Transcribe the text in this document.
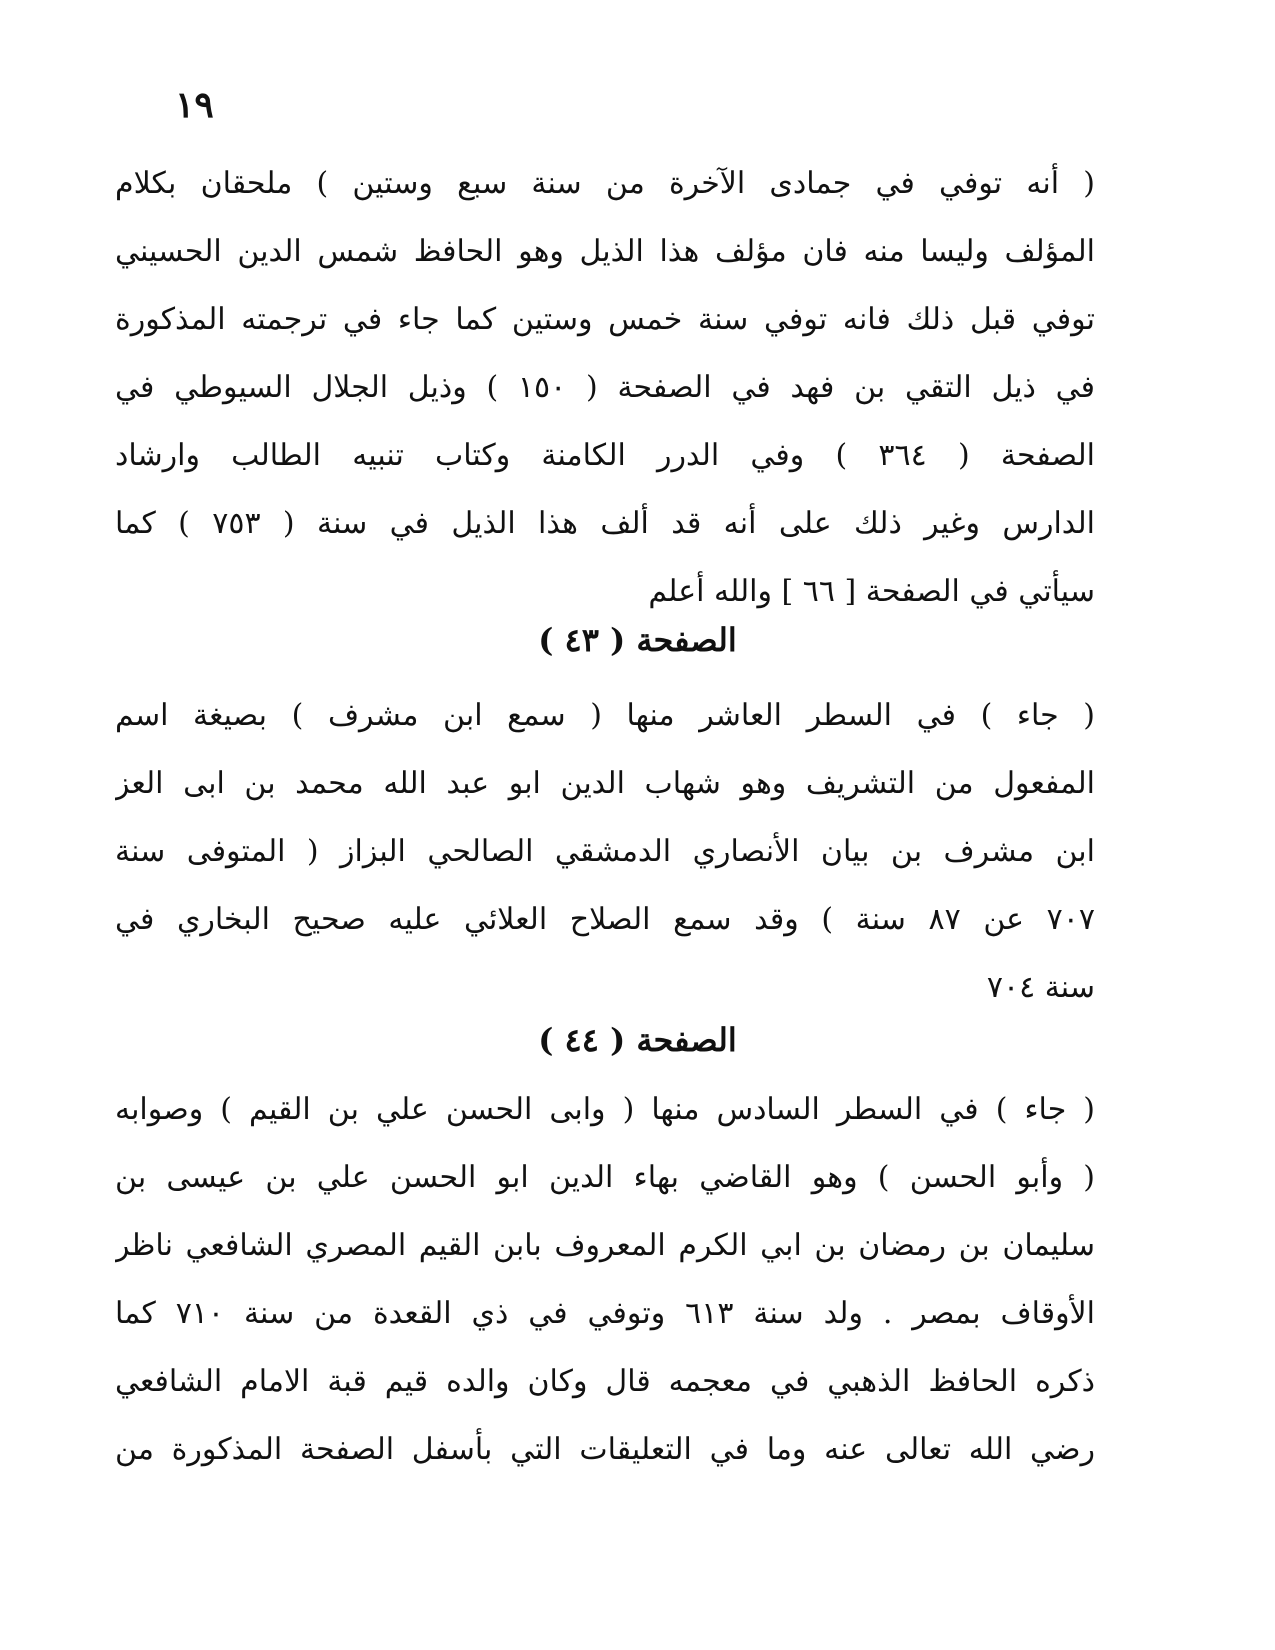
١٩
( أنه توفي في جمادى الآخرة من سنة سبع وستين ) ملحقان بكلام
المؤلف وليسا منه فان مؤلف هذا الذيل وهو الحافظ شمس الدين الحسيني
توفي قبل ذلك فانه توفي سنة خمس وستين كما جاء في ترجمته المذكورة
في ذيل التقي بن فهد في الصفحة ( ١٥٠ ) وذيل الجلال السيوطي في
الصفحة ( ٣٦٤ ) وفي الدرر الكامنة وكتاب تنبيه الطالب وارشاد
الدارس وغير ذلك على أنه قد ألف هذا الذيل في سنة ( ٧٥٣ ) كما
سيأتي في الصفحة [ ٦٦ ] والله أعلم
الصفحة ( ٤٣ )
( جاء ) في السطر العاشر منها ( سمع ابن مشرف ) بصيغة اسم
المفعول من التشريف وهو شهاب الدين ابو عبد الله محمد بن ابى العز
ابن مشرف بن بيان الأنصاري الدمشقي الصالحي البزاز ( المتوفى سنة
٧٠٧ عن ٨٧ سنة ) وقد سمع الصلاح العلائي عليه صحيح البخاري في
سنة ٧٠٤
الصفحة ( ٤٤ )
( جاء ) في السطر السادس منها ( وابى الحسن علي بن القيم ) وصوابه
( وأبو الحسن ) وهو القاضي بهاء الدين ابو الحسن علي بن عيسى بن
سليمان بن رمضان بن ابي الكرم المعروف بابن القيم المصري الشافعي ناظر
الأوقاف بمصر . ولد سنة ٦١٣ وتوفي في ذي القعدة من سنة ٧١٠ كما
ذكره الحافظ الذهبي في معجمه قال وكان والده قيم قبة الامام الشافعي
رضي الله تعالى عنه وما في التعليقات التي بأسفل الصفحة المذكورة من
